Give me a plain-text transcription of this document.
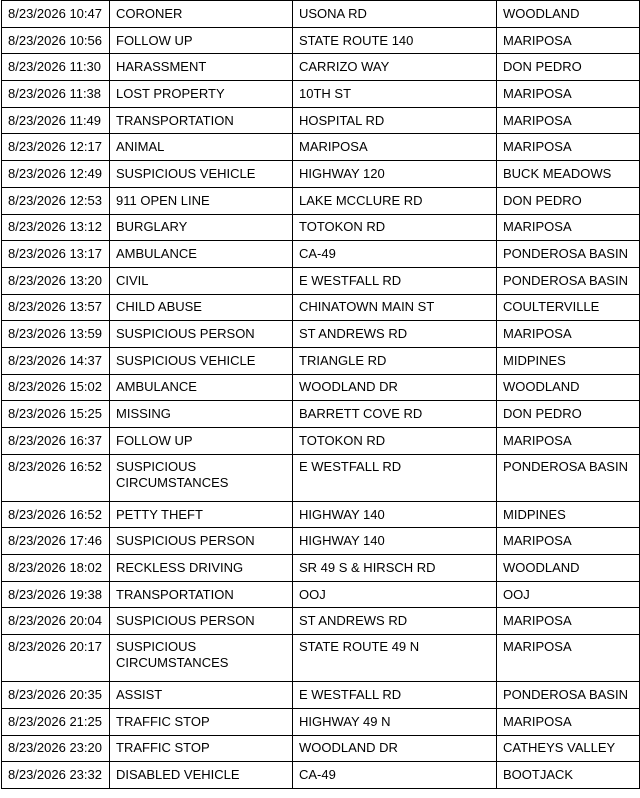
8/23/2026 10:47	CORONER	USONA RD	WOODLAND
8/23/2026 10:56	FOLLOW UP	STATE ROUTE 140	MARIPOSA
8/23/2026 11:30	HARASSMENT	CARRIZO WAY	DON PEDRO
8/23/2026 11:38	LOST PROPERTY	10TH ST	MARIPOSA
8/23/2026 11:49	TRANSPORTATION	HOSPITAL RD	MARIPOSA
8/23/2026 12:17	ANIMAL	MARIPOSA	MARIPOSA
8/23/2026 12:49	SUSPICIOUS VEHICLE	HIGHWAY 120	BUCK MEADOWS
8/23/2026 12:53	911 OPEN LINE	LAKE MCCLURE RD	DON PEDRO
8/23/2026 13:12	BURGLARY	TOTOKON RD	MARIPOSA
8/23/2026 13:17	AMBULANCE	CA-49	PONDEROSA BASIN
8/23/2026 13:20	CIVIL	E WESTFALL RD	PONDEROSA BASIN
8/23/2026 13:57	CHILD ABUSE	CHINATOWN MAIN ST	COULTERVILLE
8/23/2026 13:59	SUSPICIOUS PERSON	ST ANDREWS RD	MARIPOSA
8/23/2026 14:37	SUSPICIOUS VEHICLE	TRIANGLE RD	MIDPINES
8/23/2026 15:02	AMBULANCE	WOODLAND DR	WOODLAND
8/23/2026 15:25	MISSING	BARRETT COVE RD	DON PEDRO
8/23/2026 16:37	FOLLOW UP	TOTOKON RD	MARIPOSA
8/23/2026 16:52	SUSPICIOUS CIRCUMSTANCES	E WESTFALL RD	PONDEROSA BASIN
8/23/2026 16:52	PETTY THEFT	HIGHWAY 140	MIDPINES
8/23/2026 17:46	SUSPICIOUS PERSON	HIGHWAY 140	MARIPOSA
8/23/2026 18:02	RECKLESS DRIVING	SR 49 S & HIRSCH RD	WOODLAND
8/23/2026 19:38	TRANSPORTATION	OOJ	OOJ
8/23/2026 20:04	SUSPICIOUS PERSON	ST ANDREWS RD	MARIPOSA
8/23/2026 20:17	SUSPICIOUS CIRCUMSTANCES	STATE ROUTE 49 N	MARIPOSA
8/23/2026 20:35	ASSIST	E WESTFALL RD	PONDEROSA BASIN
8/23/2026 21:25	TRAFFIC STOP	HIGHWAY 49 N	MARIPOSA
8/23/2026 23:20	TRAFFIC STOP	WOODLAND DR	CATHEYS VALLEY
8/23/2026 23:32	DISABLED VEHICLE	CA-49	BOOTJACK
